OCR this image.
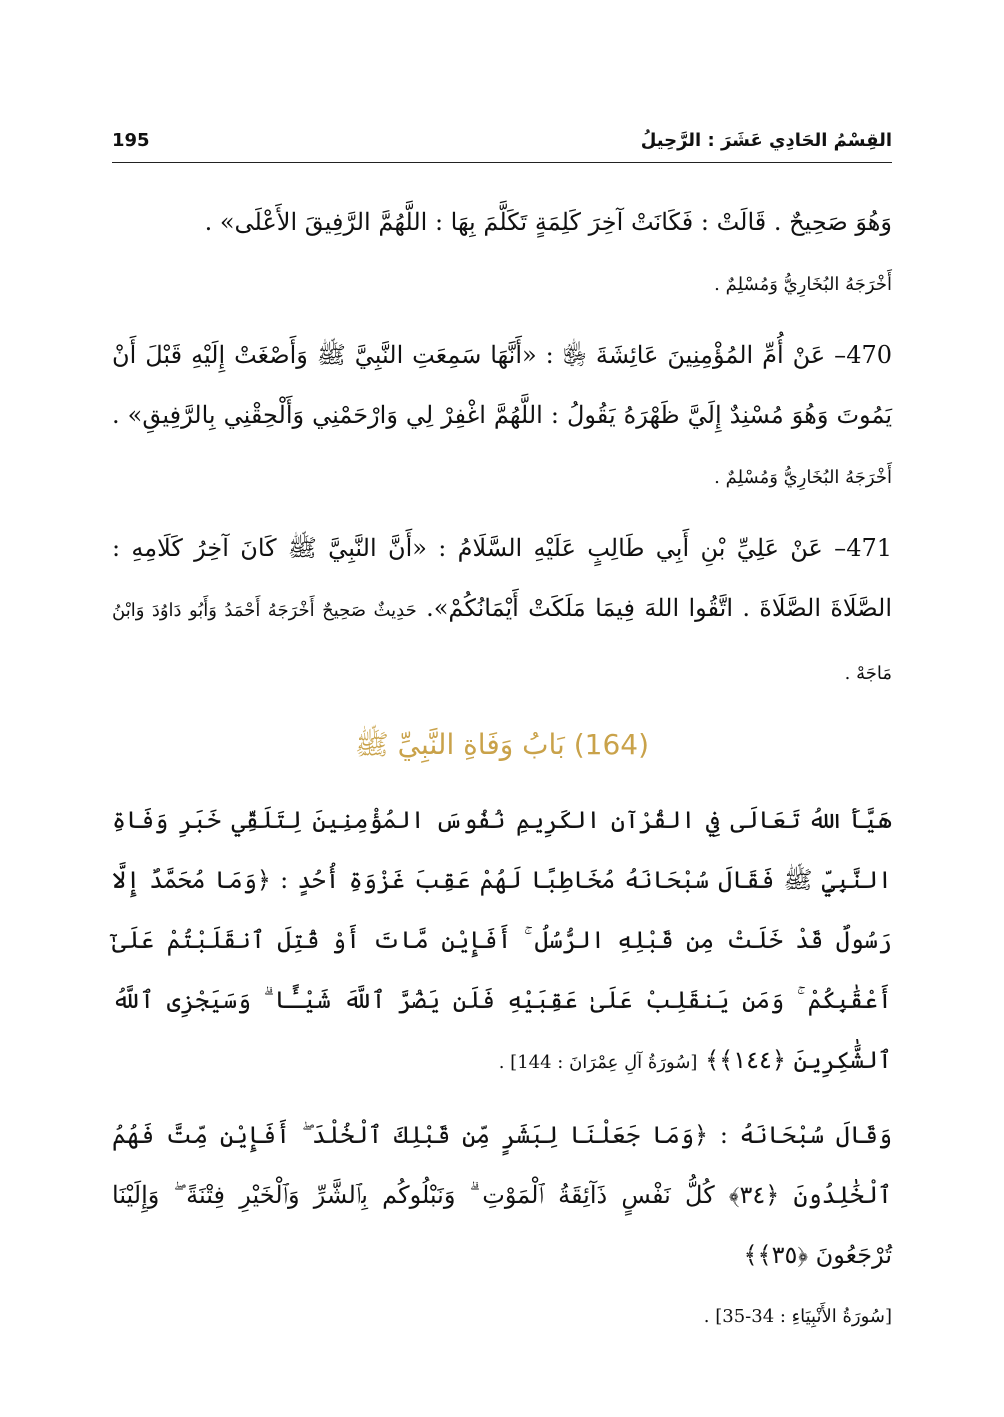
195	القِسْمُ الحَادِي عَشَرَ : الرَّحِيلُ

وَهُوَ صَحِيحٌ . قَالَتْ : فَكَانَتْ آخِرَ كَلِمَةٍ تَكَلَّمَ بِهَا : اللَّهُمَّ الرَّفِيقَ الأَعْلَى» .
أَخْرَجَهُ البُخَارِيُّ وَمُسْلِمٌ .

470– عَنْ أُمِّ المُؤْمِنِينَ عَائِشَةَ ﵂ : «أَنَّهَا سَمِعَتِ النَّبِيَّ ﷺ وَأَصْغَتْ إِلَيْهِ قَبْلَ أَنْ يَمُوتَ وَهُوَ مُسْنِدٌ إِلَيَّ ظَهْرَهُ يَقُولُ : اللَّهُمَّ اغْفِرْ لِي وَارْحَمْنِي وَأَلْحِقْنِي بِالرَّفِيقِ» . أَخْرَجَهُ البُخَارِيُّ وَمُسْلِمٌ .

471– عَنْ عَلِيِّ بْنِ أَبِي طَالِبٍ عَلَيْهِ السَّلَامُ : «أَنَّ النَّبِيَّ ﷺ كَانَ آخِرُ كَلَامِهِ : الصَّلَاةَ الصَّلَاةَ . اتَّقُوا اللهَ فِيمَا مَلَكَتْ أَيْمَانُكُمْ». حَدِيثٌ صَحِيحٌ أَخْرَجَهُ أَحْمَدُ وَأَبُو دَاوُدَ وَابْنُ مَاجَهْ .

(164) بَابُ وَفَاةِ النَّبِيِّ ﷺ

هَيَّأَ اللهُ تَعَالَى فِي القُرْآنِ الكَرِيمِ نُفُوسَ المُؤْمِنِينَ لِتَلَقِّي خَبَرِ وَفَاةِ النَّبِيِّ ﷺ فَقَالَ سُبْحَانَهُ مُخَاطِبًا لَهُمْ عَقِبَ غَزْوَةِ أُحُدٍ : ﴿وَمَا مُحَمَّدٌ إِلَّا رَسُولٌ قَدْ خَلَتْ مِن قَبْلِهِ الرُّسُلُ ۚ أَفَإِيْن مَّاتَ أَوْ قُتِلَ ٱنقَلَبْتُمْ عَلَىٰٓ أَعْقَٰبِكُمْ ۚ وَمَن يَنقَلِبْ عَلَىٰ عَقِبَيْهِ فَلَن يَضُرَّ ٱللَّهَ شَيْـًٔا ۗ وَسَيَجْزِى ٱللَّهُ ٱلشَّٰكِرِينَ ﴿١٤٤﴾﴾ [سُورَةُ آلِ عِمْرَانَ : 144] .

وَقَالَ سُبْحَانَهُ : ﴿وَمَا جَعَلْنَا لِبَشَرٍ مِّن قَبْلِكَ ٱلْخُلْدَ ۖ أَفَإِيْن مِّتَّ فَهُمُ ٱلْخَٰلِدُونَ ﴿٣٤﴾ كُلُّ نَفْسٍ ذَآئِقَةُ ٱلْمَوْتِ ۗ وَنَبْلُوكُم بِٱلشَّرِّ وَٱلْخَيْرِ فِتْنَةً ۖ وَإِلَيْنَا تُرْجَعُونَ ﴿٣٥﴾﴾

[سُورَةُ الأَنْبِيَاءِ : 34-35] .
